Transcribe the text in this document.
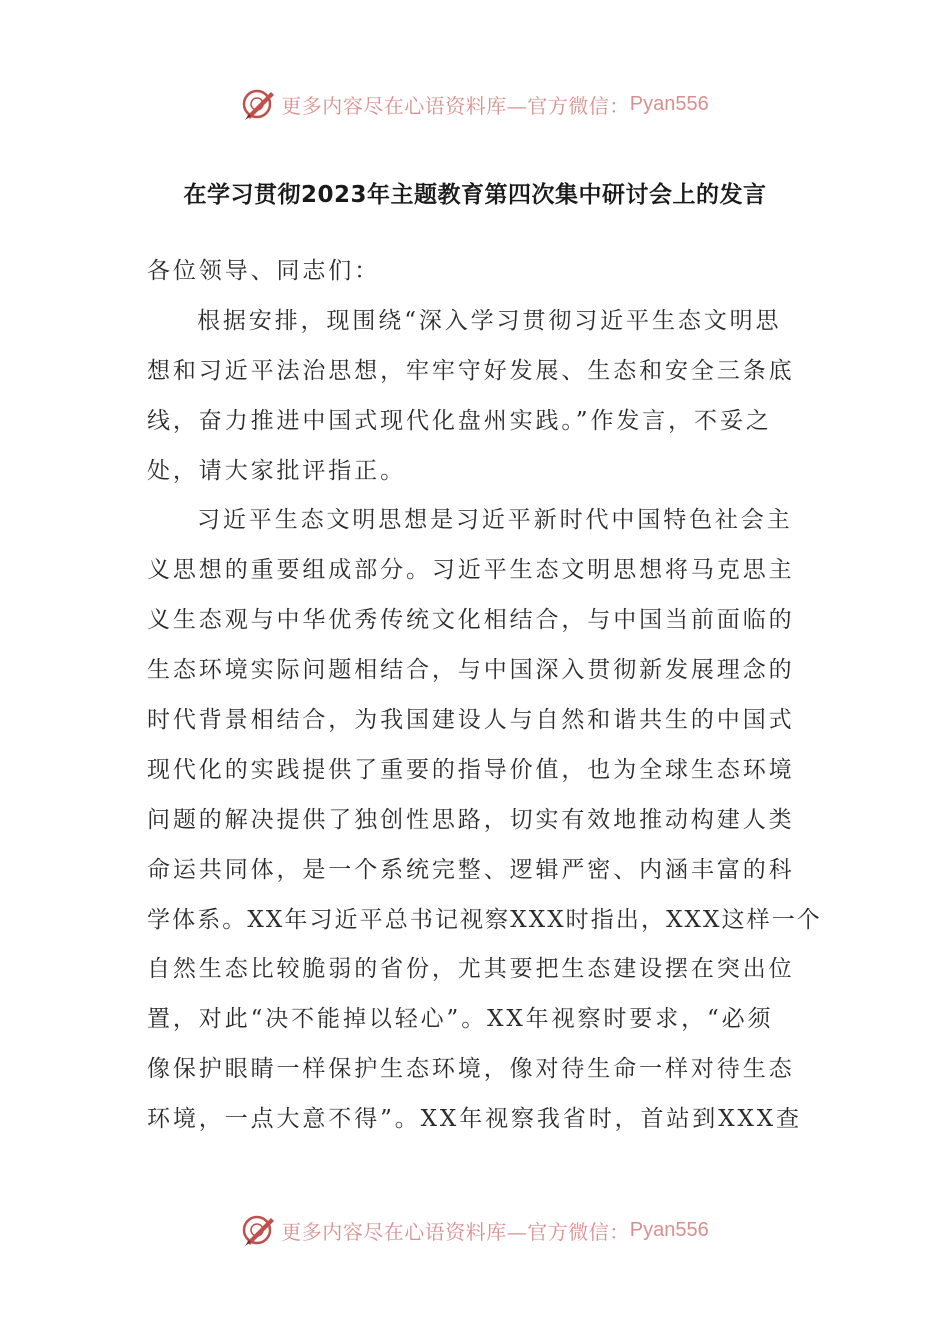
更多内容尽在心语资料库—官方微信： Pyan556
在学习贯彻2023年主题教育第四次集中研讨会上的发言
各位领导、同志们：
根据安排，现围绕“深入学习贯彻习近平生态文明思
想和习近平法治思想，牢牢守好发展、生态和安全三条底
线，奋力推进中国式现代化盘州实践。”作发言，不妥之
处，请大家批评指正。
习近平生态文明思想是习近平新时代中国特色社会主
义思想的重要组成部分。习近平生态文明思想将马克思主
义生态观与中华优秀传统文化相结合，与中国当前面临的
生态环境实际问题相结合，与中国深入贯彻新发展理念的
时代背景相结合，为我国建设人与自然和谐共生的中国式
现代化的实践提供了重要的指导价值，也为全球生态环境
问题的解决提供了独创性思路，切实有效地推动构建人类
命运共同体，是一个系统完整、逻辑严密、内涵丰富的科
学体系。XX年习近平总书记视察XXX时指出，XXX这样一个
自然生态比较脆弱的省份，尤其要把生态建设摆在突出位
置，对此“决不能掉以轻心”。XX年视察时要求，“必须
像保护眼睛一样保护生态环境，像对待生命一样对待生态
环境，一点大意不得”。XX年视察我省时，首站到XXX查
更多内容尽在心语资料库—官方微信： Pyan556
